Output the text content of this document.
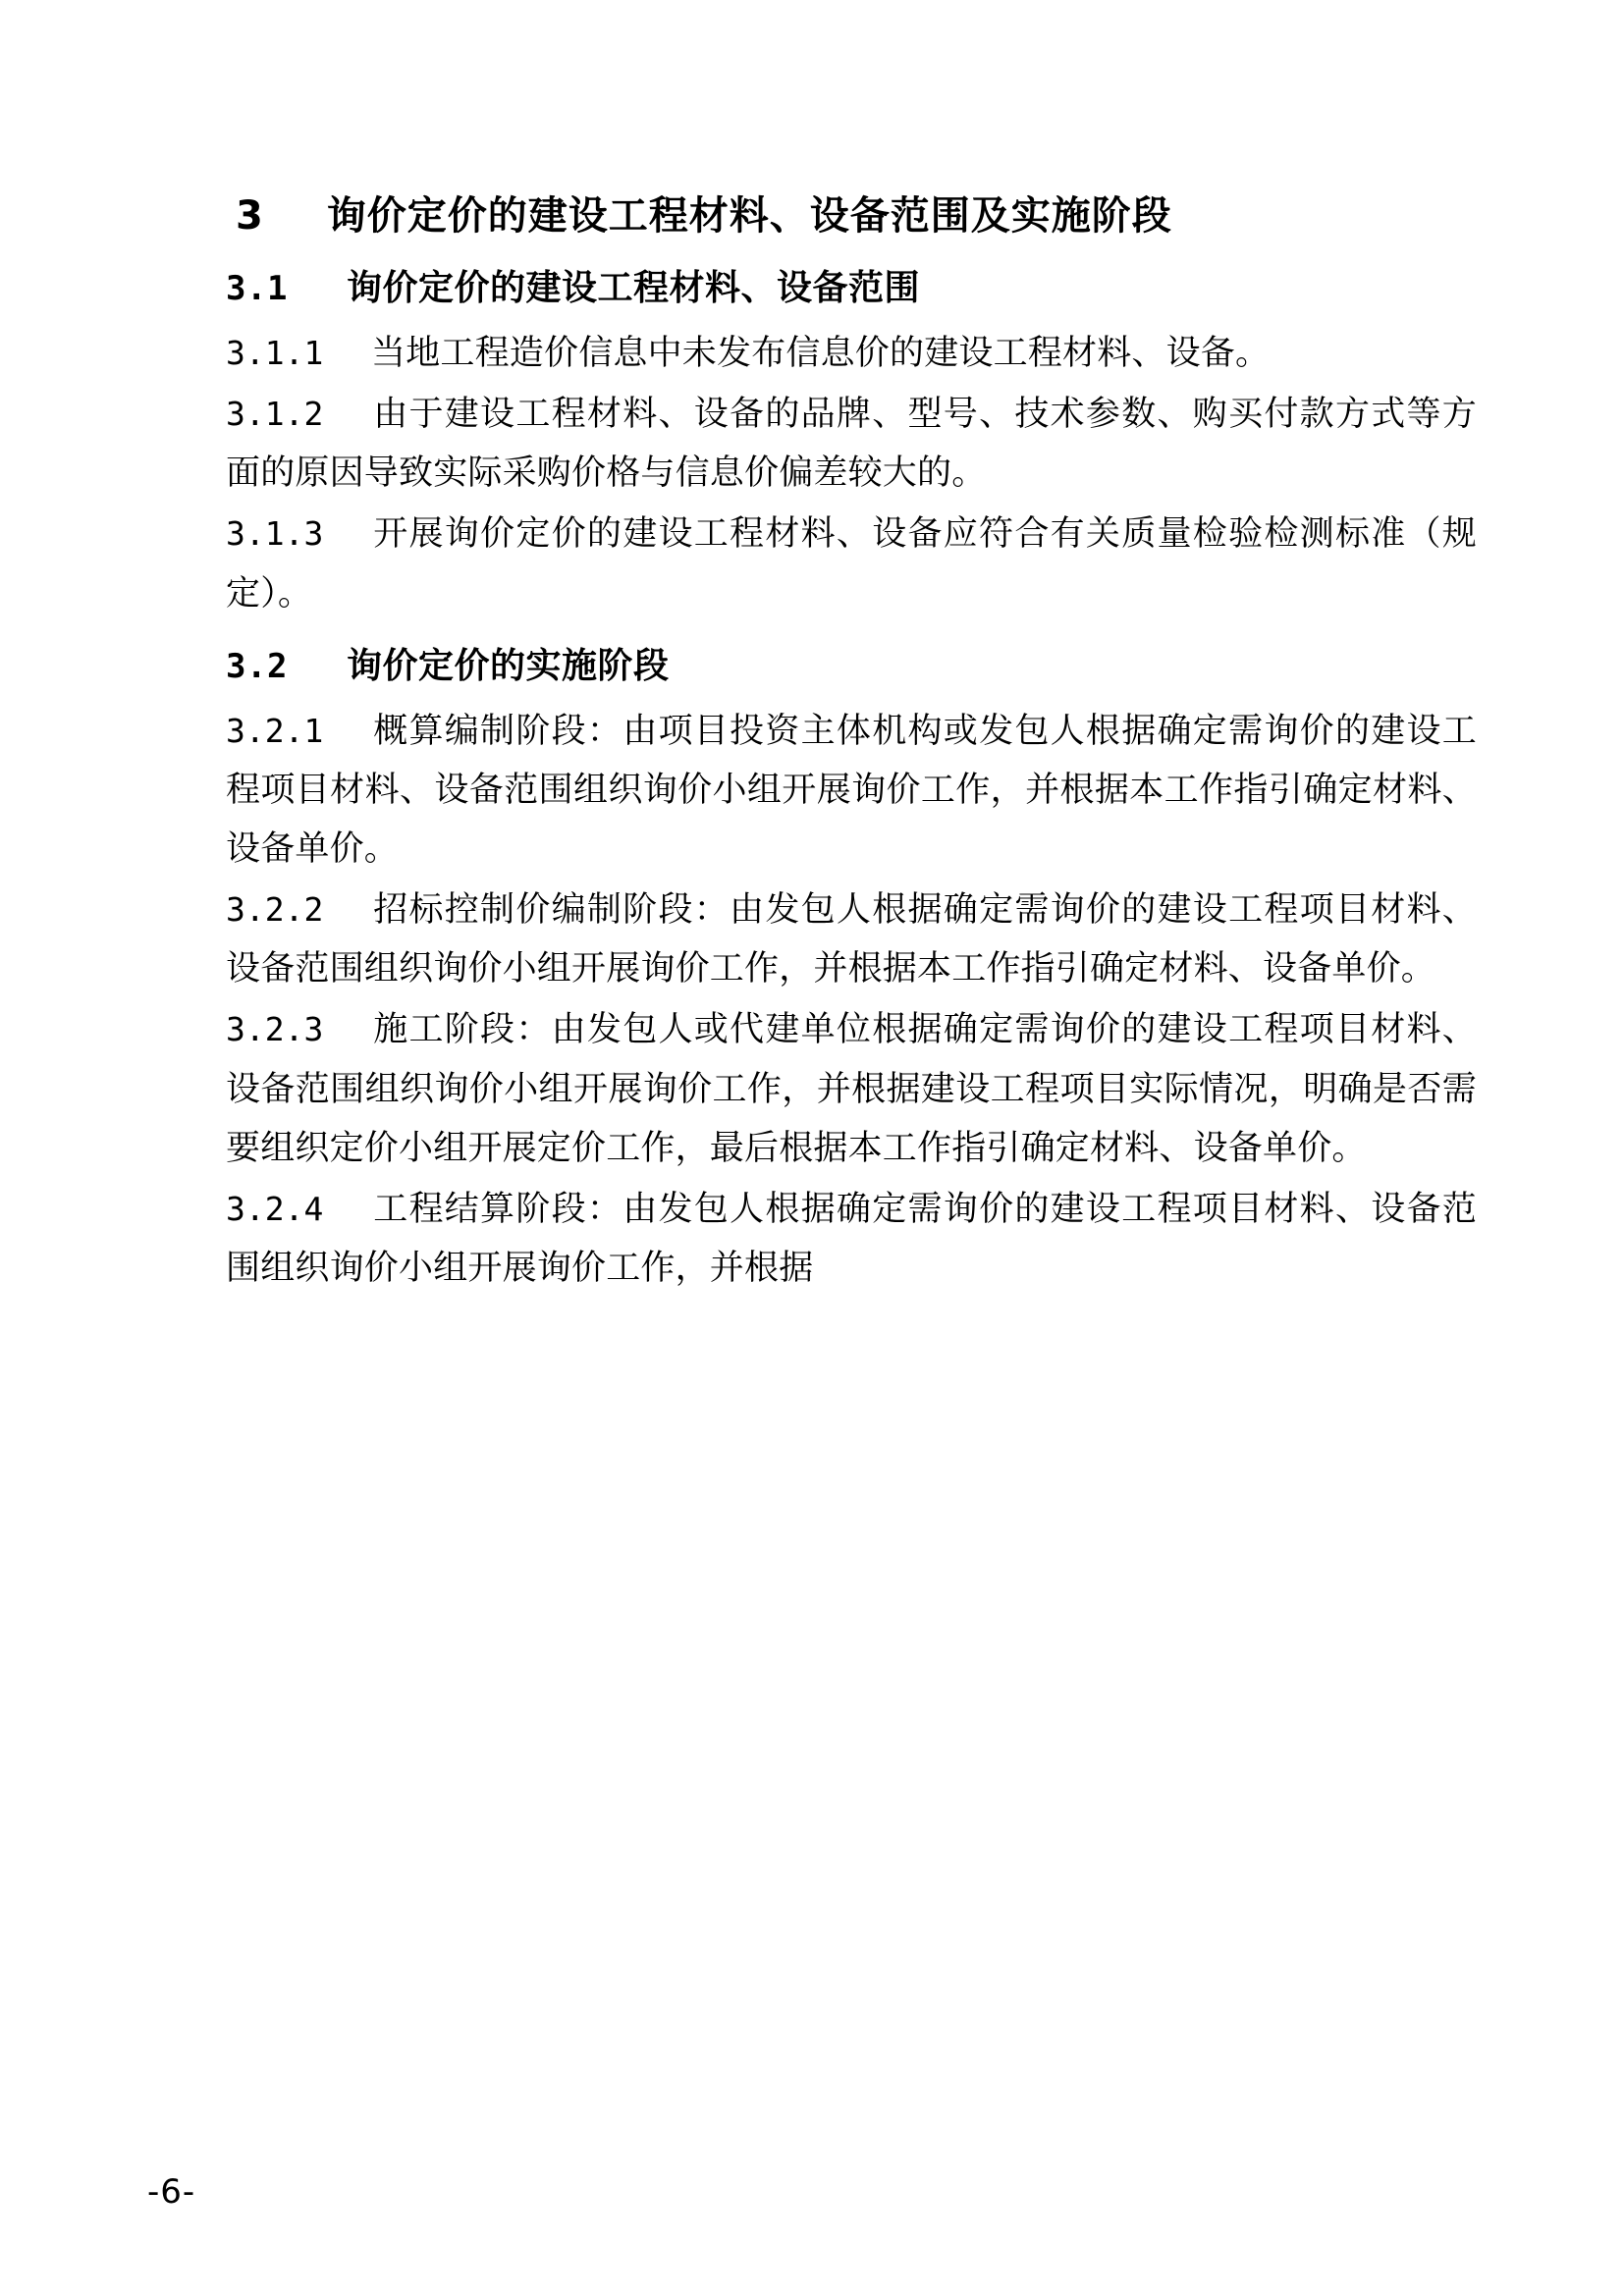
3 询价定价的建设工程材料、设备范围及实施阶段
3.1 询价定价的建设工程材料、设备范围

3.1.1 当地工程造价信息中未发布信息价的建设工程材料、设备。

3.1.2 由于建设工程材料、设备的品牌、型号、技术参数、购买付款方式等方面的原因导致实际采购价格与信息价偏差较大的。

3.1.3 开展询价定价的建设工程材料、设备应符合有关质量检验检测标准（规定）。

3.2 询价定价的实施阶段

3.2.1 概算编制阶段：由项目投资主体机构或发包人根据确定需询价的建设工程项目材料、设备范围组织询价小组开展询价工作，并根据本工作指引确定材料、设备单价。

3.2.2 招标控制价编制阶段：由发包人根据确定需询价的建设工程项目材料、设备范围组织询价小组开展询价工作，并根据本工作指引确定材料、设备单价。

3.2.3 施工阶段：由发包人或代建单位根据确定需询价的建设工程项目材料、设备范围组织询价小组开展询价工作，并根据建设工程项目实际情况，明确是否需要组织定价小组开展定价工作，最后根据本工作指引确定材料、设备单价。

3.2.4 工程结算阶段：由发包人根据确定需询价的建设工程项目材料、设备范围组织询价小组开展询价工作，并根据

-6-
